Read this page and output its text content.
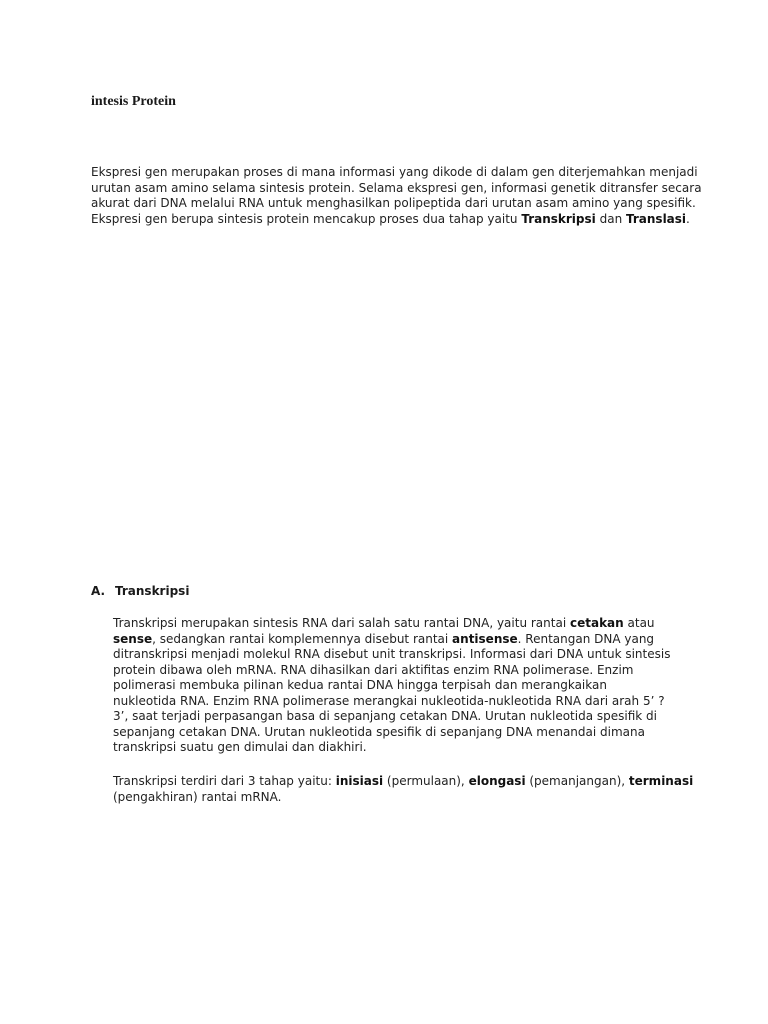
intesis Protein

Ekspresi gen merupakan proses di mana informasi yang dikode di dalam gen diterjemahkan menjadi urutan asam amino selama sintesis protein. Selama ekspresi gen, informasi genetik ditransfer secara akurat dari DNA melalui RNA untuk menghasilkan polipeptida dari urutan asam amino yang spesifik. Ekspresi gen berupa sintesis protein mencakup proses dua tahap yaitu Transkripsi dan Translasi.

A. Transkripsi

Transkripsi merupakan sintesis RNA dari salah satu rantai DNA, yaitu rantai cetakan atau sense, sedangkan rantai komplemennya disebut rantai antisense. Rentangan DNA yang ditranskripsi menjadi molekul RNA disebut unit transkripsi. Informasi dari DNA untuk sintesis protein dibawa oleh mRNA. RNA dihasilkan dari aktifitas enzim RNA polimerase. Enzim polimerasi membuka pilinan kedua rantai DNA hingga terpisah dan merangkaikan nukleotida RNA. Enzim RNA polimerase merangkai nukleotida-nukleotida RNA dari arah 5’ ? 3’, saat terjadi perpasangan basa di sepanjang cetakan DNA. Urutan nukleotida spesifik di sepanjang cetakan DNA. Urutan nukleotida spesifik di sepanjang DNA menandai dimana transkripsi suatu gen dimulai dan diakhiri.

Transkripsi terdiri dari 3 tahap yaitu: inisiasi (permulaan), elongasi (pemanjangan), terminasi (pengakhiran) rantai mRNA.
